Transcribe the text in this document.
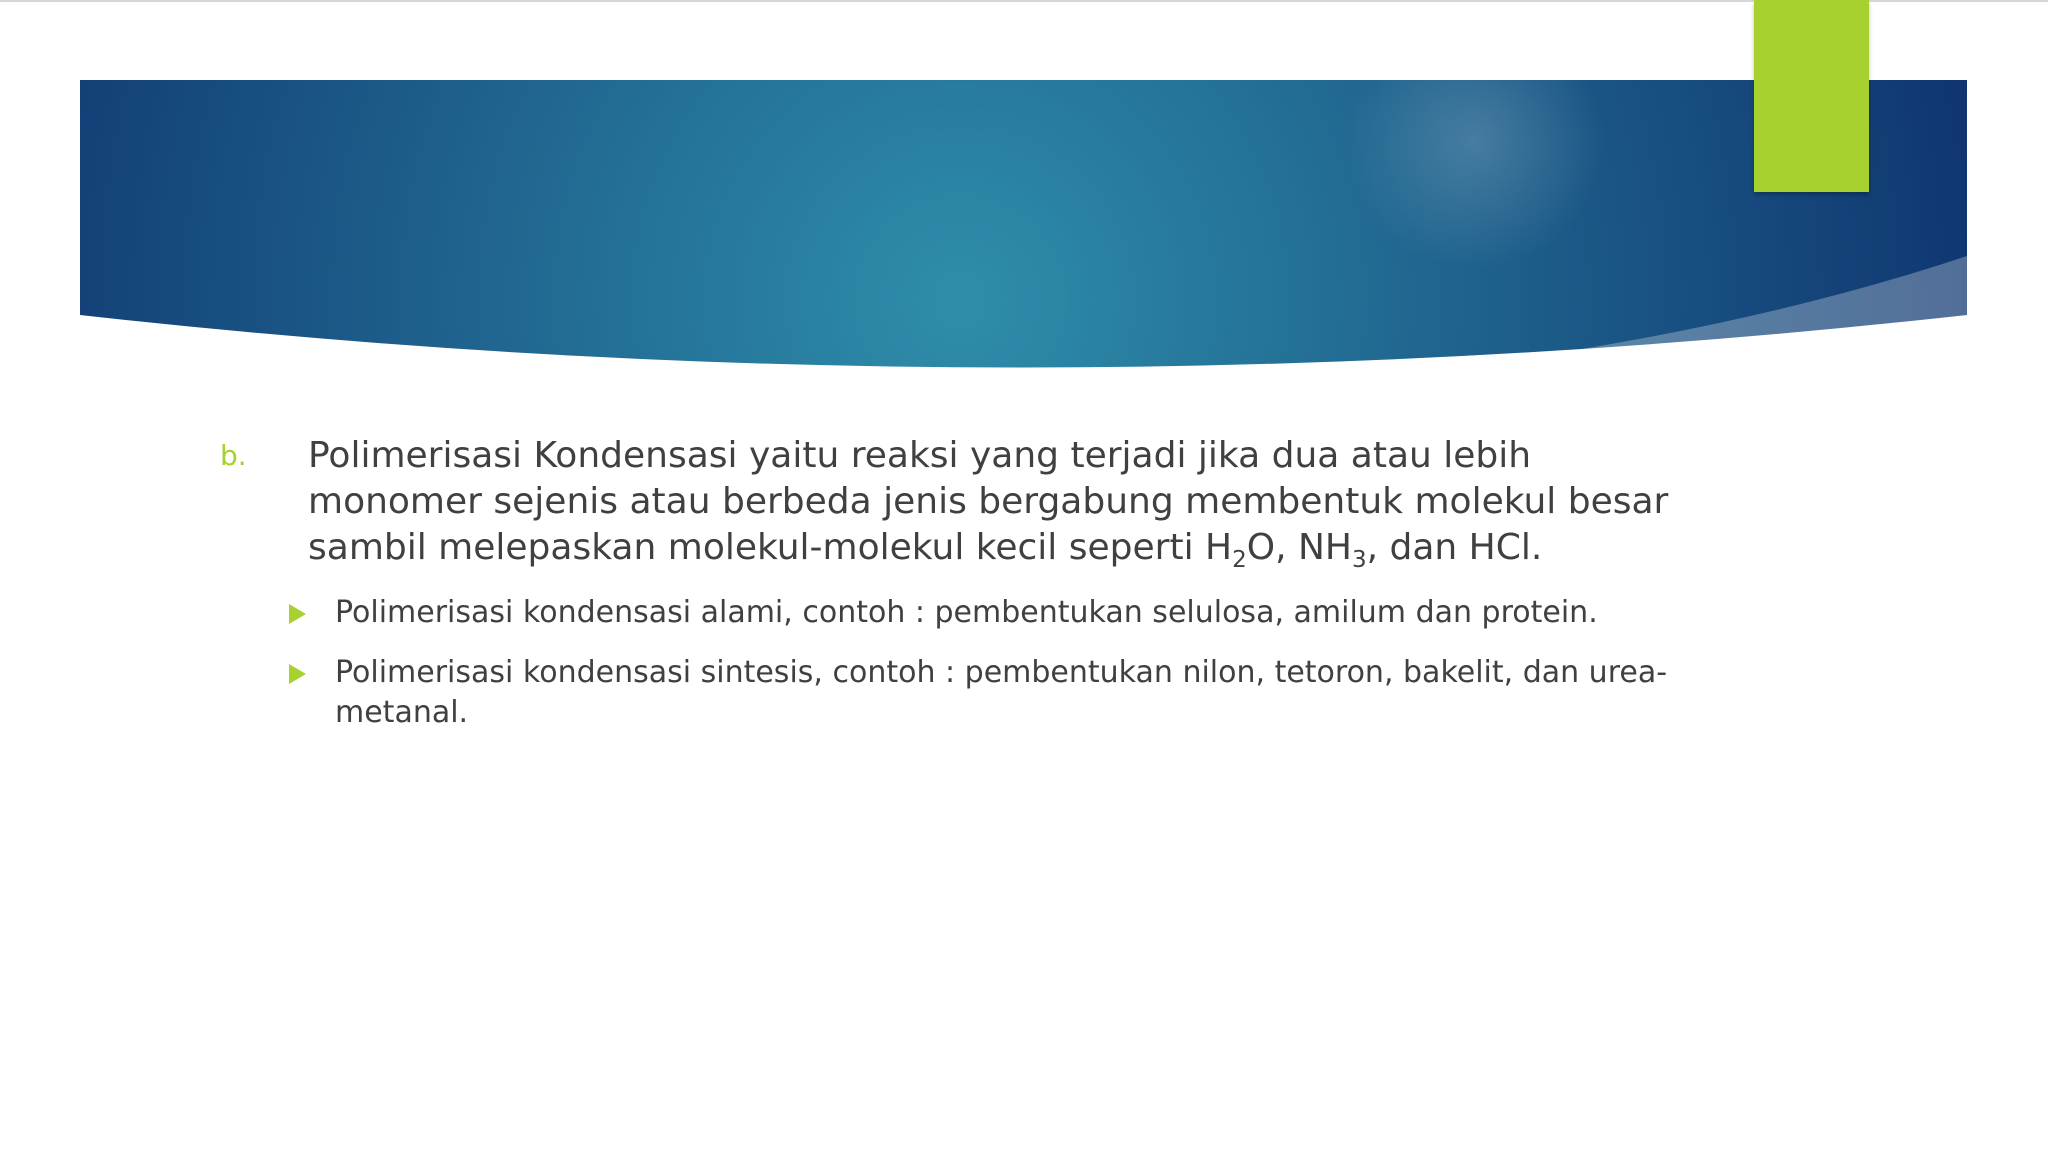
b. Polimerisasi Kondensasi yaitu reaksi yang terjadi jika dua atau lebih monomer sejenis atau berbeda jenis bergabung membentuk molekul besar sambil melepaskan molekul-molekul kecil seperti $H_2O$, $NH_3$, dan HCl.
Polimerisasi kondensasi alami, contoh : pembentukan selulosa, amilum dan protein.
Polimerisasi kondensasi sintesis, contoh : pembentukan nilon, tetoron, bakelit, dan urea-metanal.
